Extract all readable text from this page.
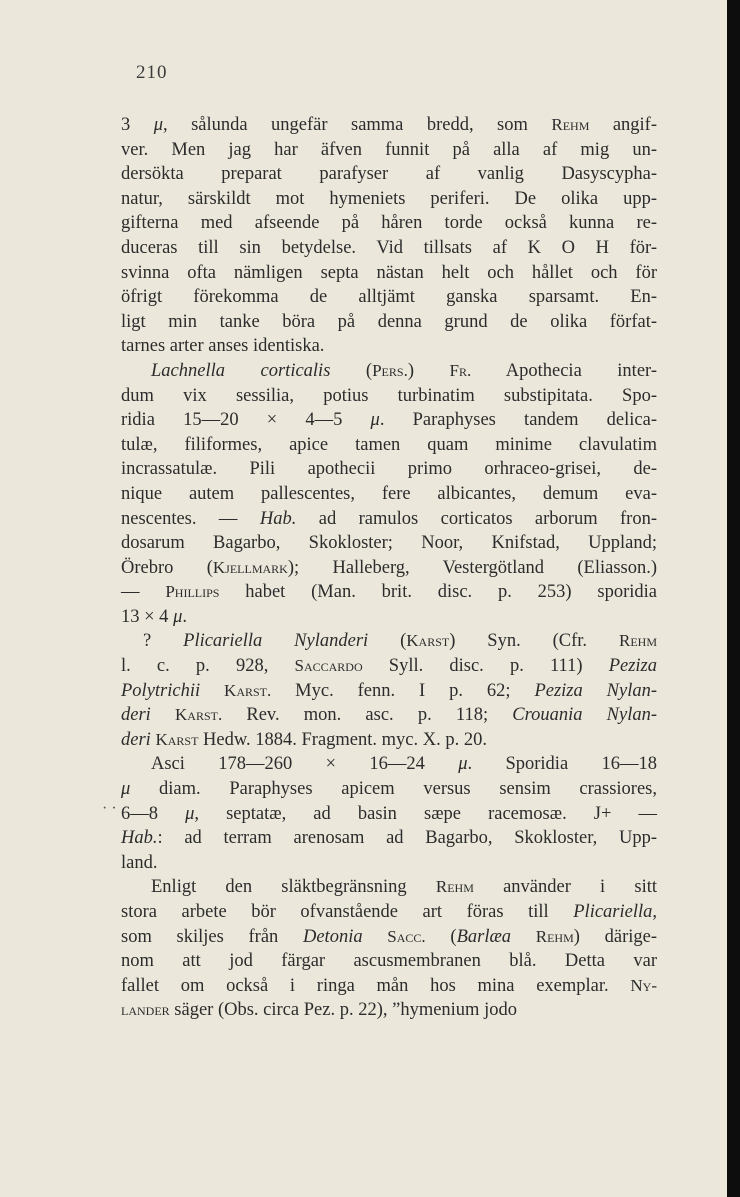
210
· ·
3 μ, sålunda ungefär samma bredd, som Rehm angif-
ver. Men jag har äfven funnit på alla af mig un-
dersökta preparat parafyser af vanlig Dasyscypha-
natur, särskildt mot hymeniets periferi. De olika upp-
gifterna med afseende på håren torde också kunna re-
duceras till sin betydelse. Vid tillsats af K O H för-
svinna ofta nämligen septa nästan helt och hållet och för
öfrigt förekomma de alltjämt ganska sparsamt. En-
ligt min tanke böra på denna grund de olika förfat-
tarnes arter anses identiska.
Lachnella corticalis (Pers.) Fr. Apothecia inter-
dum vix sessilia, potius turbinatim substipitata. Spo-
ridia 15—20 × 4—5 μ. Paraphyses tandem delica-
tulæ, filiformes, apice tamen quam minime clavulatim
incrassatulæ. Pili apothecii primo orhraceo-grisei, de-
nique autem pallescentes, fere albicantes, demum eva-
nescentes. — Hab. ad ramulos corticatos arborum fron-
dosarum Bagarbo, Skokloster; Noor, Knifstad, Uppland;
Örebro (Kjellmark); Halleberg, Vestergötland (Eliasson.)
— Phillips habet (Man. brit. disc. p. 253) sporidia
13 × 4 μ.
? Plicariella Nylanderi (Karst) Syn. (Cfr. Rehm
l. c. p. 928, Saccardo Syll. disc. p. 111) Peziza
Polytrichii Karst. Myc. fenn. I p. 62; Peziza Nylan-
deri Karst. Rev. mon. asc. p. 118; Crouania Nylan-
deri Karst Hedw. 1884. Fragment. myc. X. p. 20.
Asci 178—260 × 16—24 μ. Sporidia 16—18
μ diam. Paraphyses apicem versus sensim crassiores,
6—8 μ, septatæ, ad basin sæpe racemosæ. J+ —
Hab.: ad terram arenosam ad Bagarbo, Skokloster, Upp-
land.
Enligt den släktbegränsning Rehm använder i sitt
stora arbete bör ofvanstående art föras till Plicariella,
som skiljes från Detonia Sacc. (Barlæa Rehm) därige-
nom att jod färgar ascusmembranen blå. Detta var
fallet om också i ringa mån hos mina exemplar. Ny-
lander säger (Obs. circa Pez. p. 22), ”hymenium jodo
